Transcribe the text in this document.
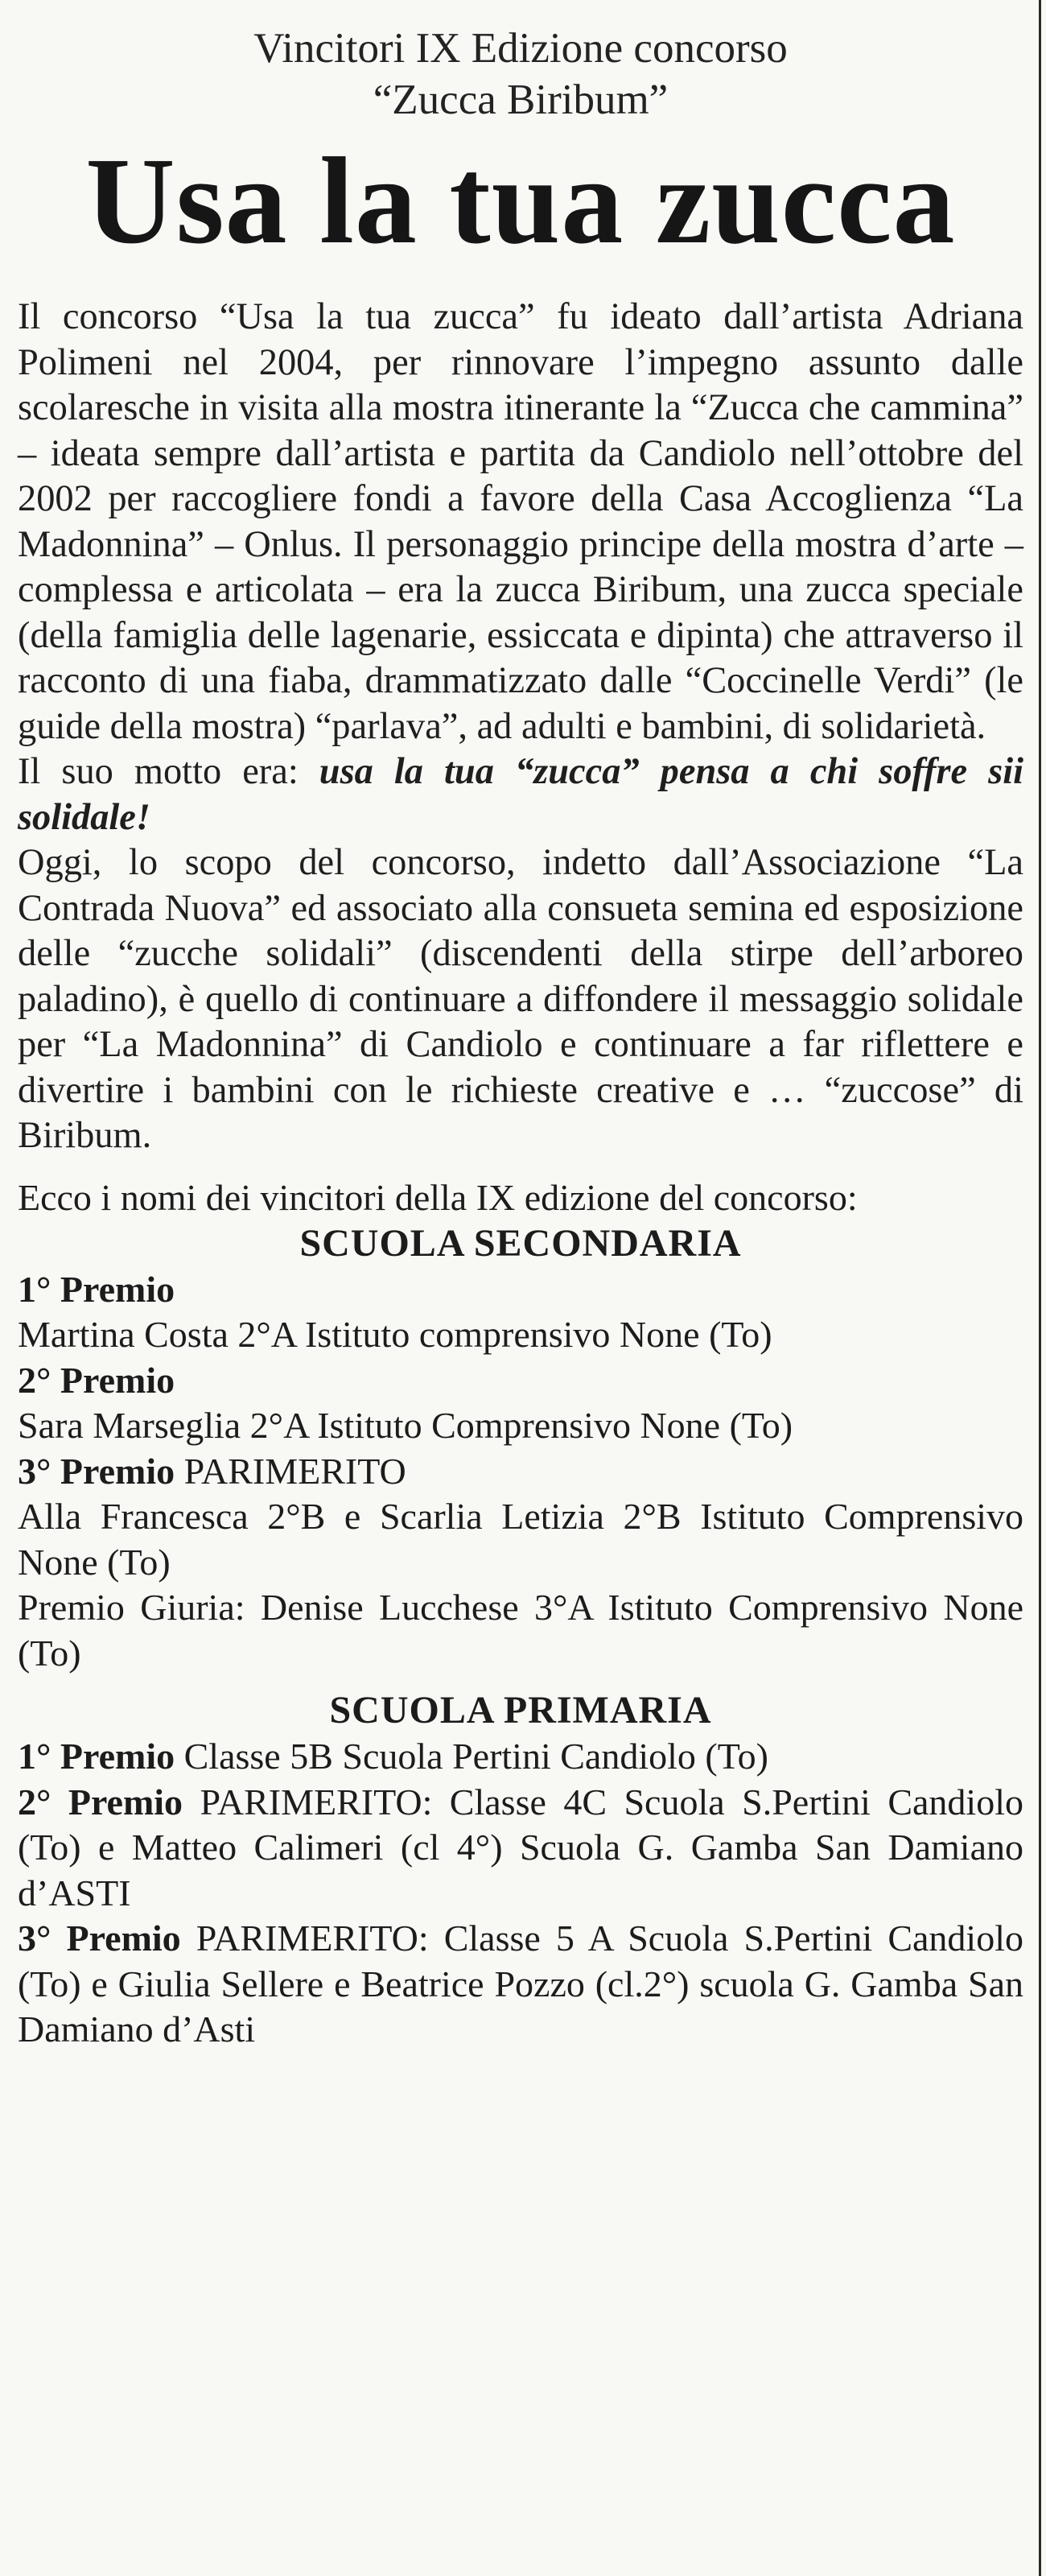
Vincitori IX Edizione concorso

“Zucca Biribum”

Usa la tua zucca

Il concorso “Usa la tua zucca” fu ideato dall’artista Adriana Polimeni nel 2004, per rinnovare l’impegno assunto dalle scolaresche in visita alla mostra itinerante la “Zucca che cammina” – ideata sempre dall’artista e partita da Candiolo nell’ottobre del 2002 per raccogliere fondi a favore della Casa Accoglienza “La Madonnina” – Onlus. Il personaggio principe della mostra d’arte – complessa e articolata – era la zucca Biribum, una zucca speciale (della famiglia delle lagenarie, essiccata e dipinta) che attraverso il racconto di una fiaba, drammatizzato dalle “Coccinelle Verdi” (le guide della mostra) “parlava”, ad adulti e bambini, di solidarietà.

Il suo motto era: usa la tua “zucca” pensa a chi soffre sii solidale!

Oggi, lo scopo del concorso, indetto dall’Associazione “La Contrada Nuova” ed associato alla consueta semina ed esposizione delle “zucche solidali” (discendenti della stirpe dell’arboreo paladino), è quello di continuare a diffondere il messaggio solidale per “La Madonnina” di Candiolo e continuare a far riflettere e divertire i bambini con le richieste creative e … “zuccose” di Biribum.

Ecco i nomi dei vincitori della IX edizione del concorso:

SCUOLA SECONDARIA

1° Premio

Martina Costa 2°A Istituto comprensivo None (To)

2° Premio

Sara Marseglia 2°A Istituto Comprensivo None (To)

3° Premio PARIMERITO

Alla Francesca 2°B e Scarlia Letizia 2°B Istituto Comprensivo None (To)

Premio Giuria: Denise Lucchese 3°A Istituto Comprensivo None (To)

SCUOLA PRIMARIA

1° Premio Classe 5B Scuola Pertini Candiolo (To)

2° Premio PARIMERITO: Classe 4C Scuola S.Pertini Candiolo (To) e Matteo Calimeri (cl 4°) Scuola G. Gamba San Damiano d’ASTI

3° Premio PARIMERITO: Classe 5 A Scuola S.Pertini Candiolo (To) e Giulia Sellere e Beatrice Pozzo (cl.2°) scuola G. Gamba San Damiano d’Asti
